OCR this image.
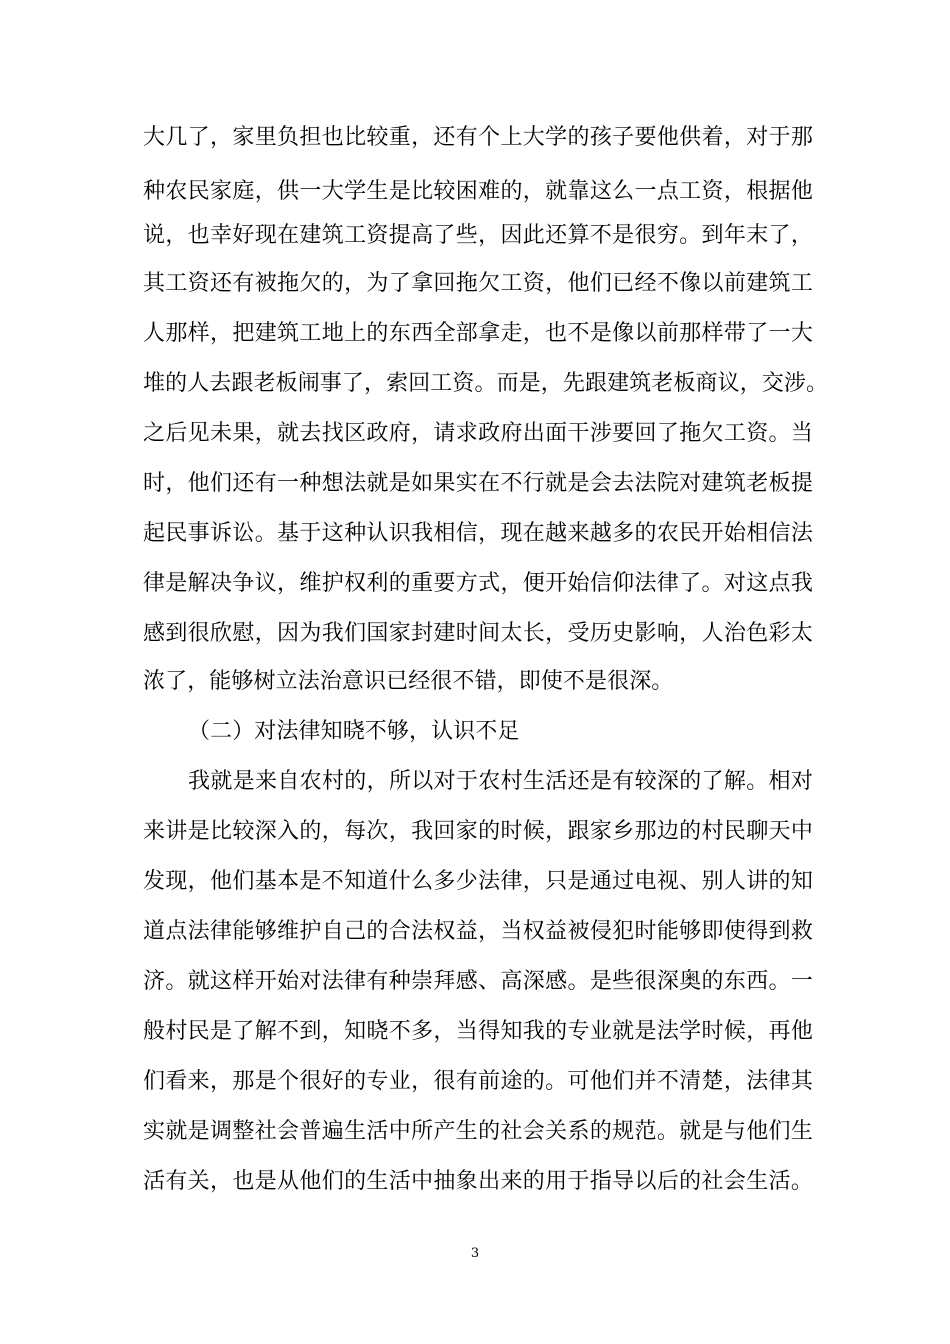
大几了，家里负担也比较重，还有个上大学的孩子要他供着，对于那
种农民家庭，供一大学生是比较困难的，就靠这么一点工资，根据他
说，也幸好现在建筑工资提高了些，因此还算不是很穷。到年末了，
其工资还有被拖欠的，为了拿回拖欠工资，他们已经不像以前建筑工
人那样，把建筑工地上的东西全部拿走，也不是像以前那样带了一大
堆的人去跟老板闹事了，索回工资。而是，先跟建筑老板商议，交涉。
之后见未果，就去找区政府，请求政府出面干涉要回了拖欠工资。当
时，他们还有一种想法就是如果实在不行就是会去法院对建筑老板提
起民事诉讼。基于这种认识我相信，现在越来越多的农民开始相信法
律是解决争议，维护权利的重要方式，便开始信仰法律了。对这点我
感到很欣慰，因为我们国家封建时间太长，受历史影响，人治色彩太
浓了，能够树立法治意识已经很不错，即使不是很深。
（二）对法律知晓不够，认识不足
我就是来自农村的，所以对于农村生活还是有较深的了解。相对
来讲是比较深入的，每次，我回家的时候，跟家乡那边的村民聊天中
发现，他们基本是不知道什么多少法律，只是通过电视、别人讲的知
道点法律能够维护自己的合法权益，当权益被侵犯时能够即使得到救
济。就这样开始对法律有种崇拜感、高深感。是些很深奥的东西。一
般村民是了解不到，知晓不多，当得知我的专业就是法学时候，再他
们看来，那是个很好的专业，很有前途的。可他们并不清楚，法律其
实就是调整社会普遍生活中所产生的社会关系的规范。就是与他们生
活有关，也是从他们的生活中抽象出来的用于指导以后的社会生活。
3
